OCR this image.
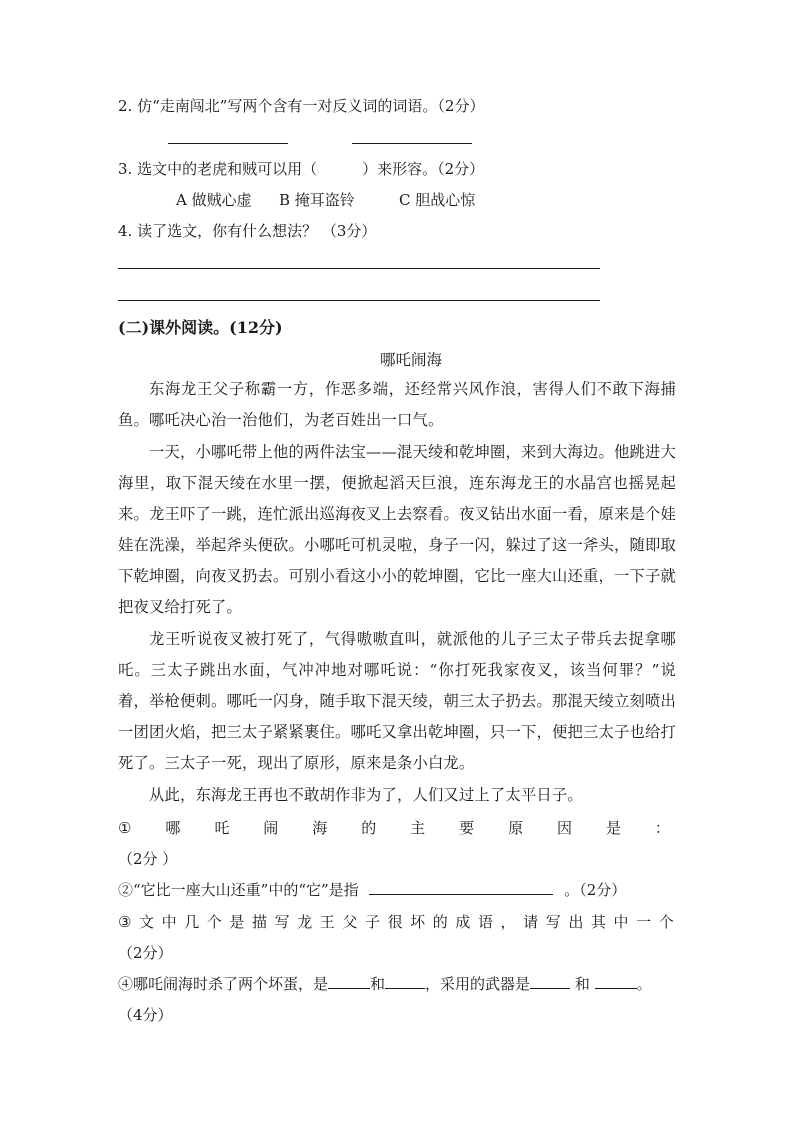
2. 仿“走南闯北”写两个含有一对反义词的词语。（2分）
3. 选文中的老虎和贼可以用（　　　）来形容。（2分）
A 做贼心虚 B 掩耳盗铃	C 胆战心惊
4. 读了选文，你有什么想法？ （3分）
(二)课外阅读。(12分)
哪吒闹海
东海龙王父子称霸一方，作恶多端，还经常兴风作浪，害得人们不敢下海捕鱼。哪吒决心治一治他们，为老百姓出一口气。
一天，小哪吒带上他的两件法宝——混天绫和乾坤圈，来到大海边。他跳进大海里，取下混天绫在水里一摆，便掀起滔天巨浪，连东海龙王的水晶宫也摇晃起来。龙王吓了一跳，连忙派出巡海夜叉上去察看。夜叉钻出水面一看，原来是个娃娃在洗澡，举起斧头便砍。小哪吒可机灵啦，身子一闪，躲过了这一斧头，随即取下乾坤圈，向夜叉扔去。可别小看这小小的乾坤圈，它比一座大山还重，一下子就把夜叉给打死了。
龙王听说夜叉被打死了，气得嗷嗷直叫，就派他的儿子三太子带兵去捉拿哪吒。三太子跳出水面，气冲冲地对哪吒说：“你打死我家夜叉，该当何罪？”说着，举枪便刺。哪吒一闪身，随手取下混天绫，朝三太子扔去。那混天绫立刻喷出一团团火焰，把三太子紧紧裹住。哪吒又拿出乾坤圈，只一下，便把三太子也给打死了。三太子一死，现出了原形，原来是条小白龙。
从此，东海龙王再也不敢胡作非为了，人们又过上了太平日子。
① 哪 吒 闹 海 的 主 要 原 因 是 ：
（2分 ）
②“它比一座大山还重”中的“它”是指	。（2分）
③ 文 中 几 个 是 描 写 龙 王 父 子 很 坏 的 成 语 ， 请 写 出 其 中 一 个
（2分）
④哪吒闹海时杀了两个坏蛋，是	和	，采用的武器是	和	。
（4分）
